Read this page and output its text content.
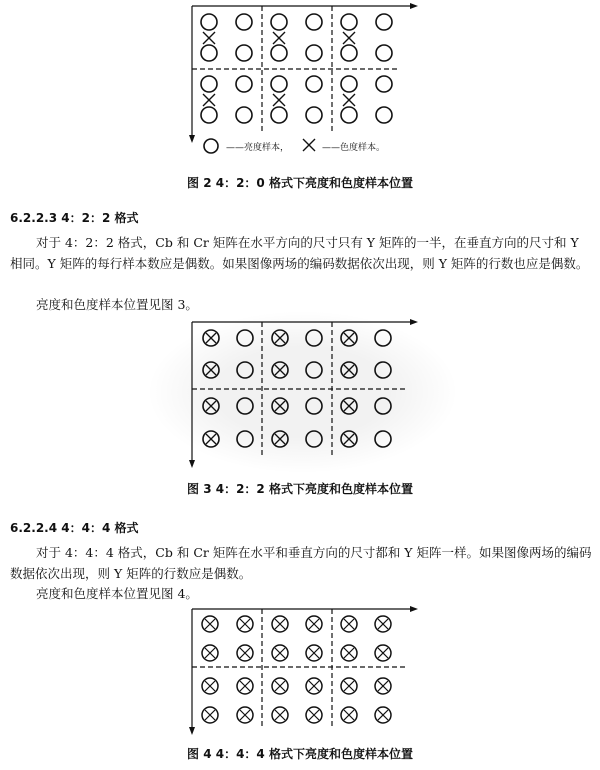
——亮度样本，	——色度样本。
图 2 4：2：0 格式下亮度和色度样本位置
6.2.2.3 4：2：2 格式

对于 4：2：2 格式，Cb 和 Cr 矩阵在水平方向的尺寸只有 Y 矩阵的一半，在垂直方向的尺寸和 Y 相同。Y 矩阵的每行样本数应是偶数。如果图像两场的编码数据依次出现，则 Y 矩阵的行数也应是偶数。

亮度和色度样本位置见图 3。

图 3 4：2：2 格式下亮度和色度样本位置
6.2.2.4 4：4：4 格式

对于 4：4：4 格式，Cb 和 Cr 矩阵在水平和垂直方向的尺寸都和 Y 矩阵一样。如果图像两场的编码数据依次出现，则 Y 矩阵的行数应是偶数。

亮度和色度样本位置见图 4。

图 4 4：4：4 格式下亮度和色度样本位置
